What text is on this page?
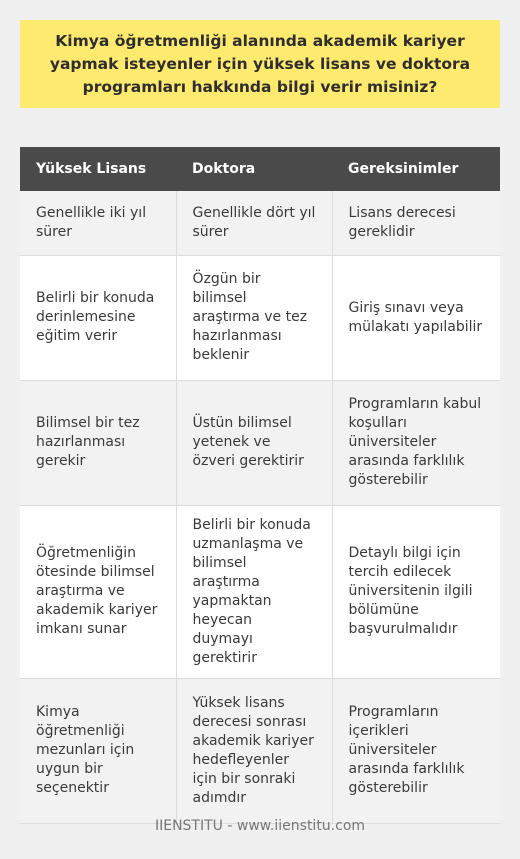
Kimya öğretmenliği alanında akademik kariyer yapmak isteyenler için yüksek lisans ve doktora programları hakkında bilgi verir misiniz?
Yüksek Lisans	Doktora	Gereksinimler
Genellikle iki yıl sürer	Genellikle dört yıl sürer	Lisans derecesi gereklidir
Belirli bir konuda derinlemesine eğitim verir	Özgün bir bilimsel araştırma ve tez hazırlanması beklenir	Giriş sınavı veya mülakatı yapılabilir
Bilimsel bir tez hazırlanması gerekir	Üstün bilimsel yetenek ve özveri gerektirir	Programların kabul koşulları üniversiteler arasında farklılık gösterebilir
Öğretmenliğin ötesinde bilimsel araştırma ve akademik kariyer imkanı sunar	Belirli bir konuda uzmanlaşma ve bilimsel araştırma yapmaktan heyecan duymayı gerektirir	Detaylı bilgi için tercih edilecek üniversitenin ilgili bölümüne başvurulmalıdır
Kimya öğretmenliği mezunları için uygun bir seçenektir	Yüksek lisans derecesi sonrası akademik kariyer hedefleyenler için bir sonraki adımdır	Programların içerikleri üniversiteler arasında farklılık gösterebilir
IIENSTITU - www.iienstitu.com
